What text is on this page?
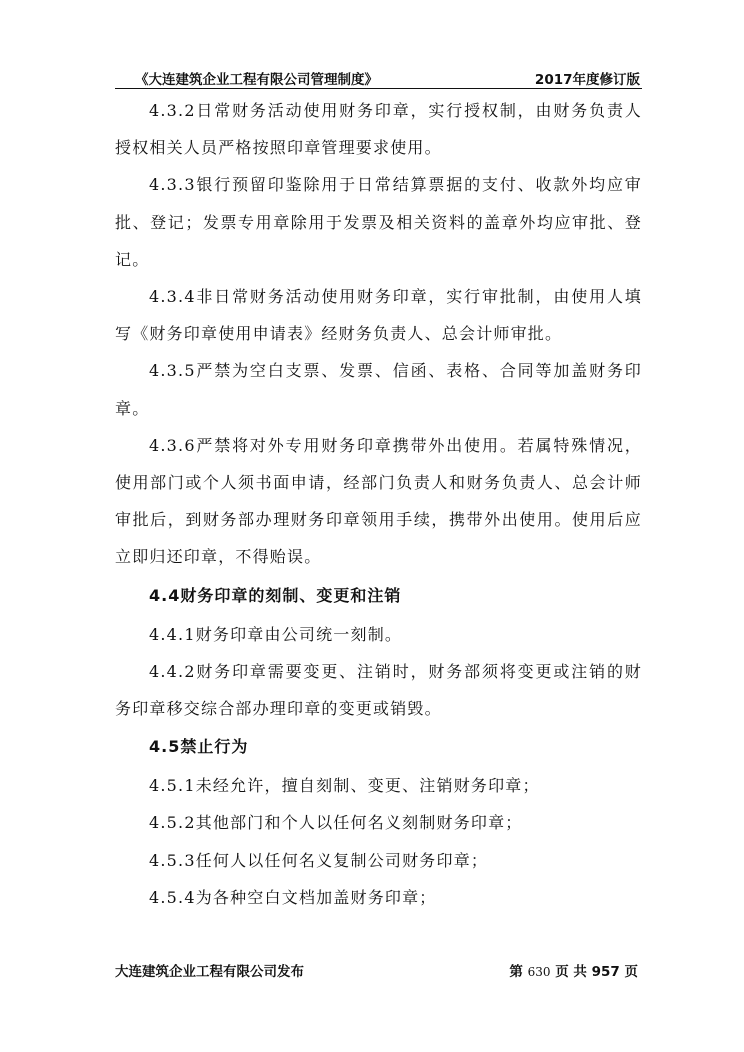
《大连建筑企业工程有限公司管理制度》	2017年度修订版

4.3.2日常财务活动使用财务印章，实行授权制，由财务负责人授权相关人员严格按照印章管理要求使用。

4.3.3银行预留印鉴除用于日常结算票据的支付、收款外均应审批、登记；发票专用章除用于发票及相关资料的盖章外均应审批、登记。

4.3.4非日常财务活动使用财务印章，实行审批制，由使用人填写《财务印章使用申请表》经财务负责人、总会计师审批。

4.3.5严禁为空白支票、发票、信函、表格、合同等加盖财务印章。

4.3.6严禁将对外专用财务印章携带外出使用。若属特殊情况，使用部门或个人须书面申请，经部门负责人和财务负责人、总会计师审批后，到财务部办理财务印章领用手续，携带外出使用。使用后应立即归还印章，不得贻误。

4.4财务印章的刻制、变更和注销

4.4.1财务印章由公司统一刻制。

4.4.2财务印章需要变更、注销时，财务部须将变更或注销的财务印章移交综合部办理印章的变更或销毁。

4.5禁止行为

4.5.1未经允许，擅自刻制、变更、注销财务印章；

4.5.2其他部门和个人以任何名义刻制财务印章；

4.5.3任何人以任何名义复制公司财务印章；

4.5.4为各种空白文档加盖财务印章；

大连建筑企业工程有限公司发布	第 630 页 共 957 页
